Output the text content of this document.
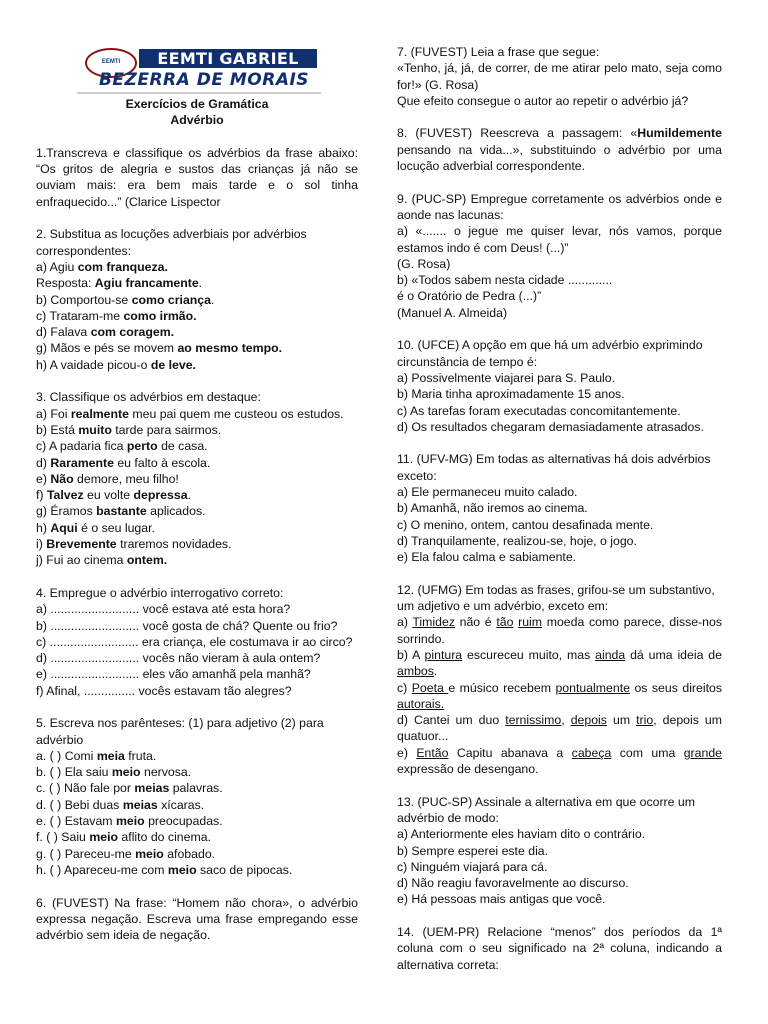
EEMTI	EEMTI GABRIEL
BEZERRA DE MORAIS

Exercícios de Gramática

Advérbio

1.Transcreva e classifique os advérbios da frase abaixo: “Os gritos de alegria e sustos das crianças já não se ouviam mais: era bem mais tarde e o sol tinha enfraquecido...” (Clarice Lispector

2. Substitua as locuções adverbiais por advérbios correspondentes:

a) Agiu com franqueza.

Resposta: Agiu francamente.

b) Comportou-se como criança.

c) Trataram-me como irmão.

d) Falava com coragem.

g) Mãos e pés se movem ao mesmo tempo.

h) A vaidade picou-o de leve.

3. Classifique os advérbios em destaque:

a) Foi realmente meu pai quem me custeou os estudos.

b) Está muito tarde para sairmos.

c) A padaria fica perto de casa.

d) Raramente eu falto à escola.

e) Não demore, meu filho!

f) Talvez eu volte depressa.

g) Éramos bastante aplicados.

h) Aqui é o seu lugar.

i) Brevemente traremos novidades.

j) Fui ao cinema ontem.

4. Empregue o advérbio interrogativo correto:

a) .......................... você estava até esta hora?

b) .......................... você gosta de chá? Quente ou frio?

c) .......................... era criança, ele costumava ir ao circo?

d) .......................... vocês não vieram à aula ontem?

e) .......................... eles vão amanhã pela manhã?

f) Afinal, ............... vocês estavam tão alegres?

5. Escreva nos parênteses: (1) para adjetivo (2) para advérbio

a. ( ) Comi meia fruta.

b. ( ) Ela saiu meio nervosa.

c. ( ) Não fale por meias palavras.

d. ( ) Bebi duas meias xícaras.

e. ( ) Estavam meio preocupadas.

f. ( ) Saiu meio aflito do cinema.

g. ( ) Pareceu-me meio afobado.

h. ( ) Apareceu-me com meio saco de pipocas.

6. (FUVEST) Na frase: “Homem não chora», o advérbio expressa negação. Escreva uma frase empregando esse advérbio sem ideia de negação.

7. (FUVEST) Leia a frase que segue:

«Tenho, já, já, de correr, de me atirar pelo mato, seja como for!» (G. Rosa)

Que efeito consegue o autor ao repetir o advérbio já?

8. (FUVEST) Reescreva a passagem: «Humildemente pensando na vida...», substituindo o advérbio por uma locução adverbial correspondente.

9. (PUC-SP) Empregue corretamente os advérbios onde e aonde nas lacunas:

a) «....... o jegue me quiser levar, nós vamos, porque estamos indo é com Deus! (...)”

(G. Rosa)

b) «Todos sabem nesta cidade .............

é o Oratório de Pedra (...)”

(Manuel A. Almeida)

10. (UFCE) A opção em que há um advérbio exprimindo circunstância de tempo é:

a) Possivelmente viajarei para S. Paulo.

b) Maria tinha aproximadamente 15 anos.

c) As tarefas foram executadas concomitantemente.

d) Os resultados chegaram demasiadamente atrasados.

11. (UFV-MG) Em todas as alternativas há dois advérbios exceto:

a) Ele permaneceu muito calado.

b) Amanhã, não iremos ao cinema.

c) O menino, ontem, cantou desafinada mente.

d) Tranquilamente, realizou-se, hoje, o jogo.

e) Ela falou calma e sabiamente.

12. (UFMG) Em todas as frases, grifou-se um substantivo, um adjetivo e um advérbio, exceto em:

a) Timidez não é tão ruim moeda como parece, disse-nos sorrindo.

b) A pintura escureceu muito, mas ainda dá uma ideia de ambos.

c) Poeta e músico recebem pontualmente os seus direitos autorais.

d) Cantei um duo ternissimo, depois um trio, depois um quatuor...

e) Então Capitu abanava a cabeça com uma grande expressão de desengano.

13. (PUC-SP) Assinale a alternativa em que ocorre um advérbio de modo:

a) Anteriormente eles haviam dito o contrário.

b) Sempre esperei este dia.

c) Ninguém viajará para cá.

d) Não reagiu favoravelmente ao discurso.

e) Há pessoas mais antigas que você.

14. (UEM-PR) Relacione “menos” dos períodos da 1ª coluna com o seu significado na 2ª coluna, indicando a alternativa correta:
